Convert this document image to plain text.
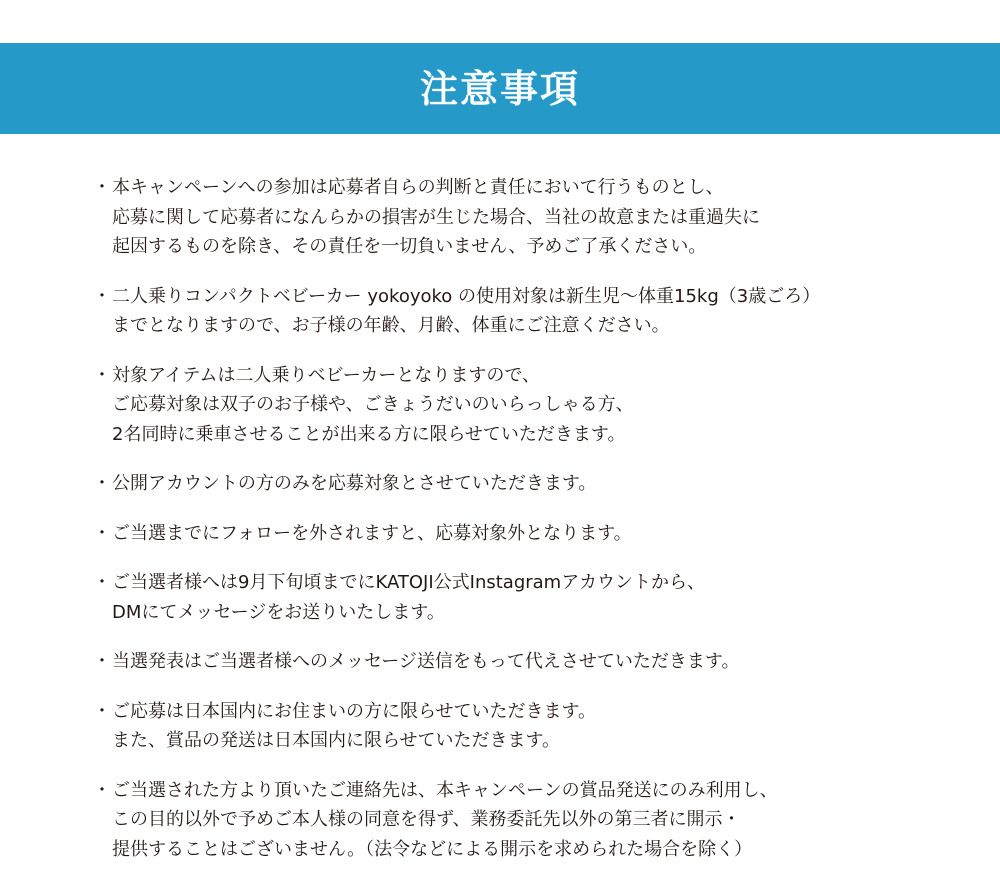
注意事項
・ 本キャンペーンへの参加は応募者自らの判断と責任において行うものとし、
応募に関して応募者になんらかの損害が生じた場合、当社の故意または重過失に
起因するものを除き、その責任を一切負いません、予めご了承ください。
・ 二人乗りコンパクトベビーカー yokoyoko の使用対象は新生児〜体重15kg（3歳ごろ）
までとなりますので、お子様の年齢、月齢、体重にご注意ください。
・ 対象アイテムは二人乗りベビーカーとなりますので、
ご応募対象は双子のお子様や、ごきょうだいのいらっしゃる方、
2名同時に乗車させることが出来る方に限らせていただきます。
・ 公開アカウントの方のみを応募対象とさせていただきます。
・ ご当選までにフォローを外されますと、応募対象外となります。
・ ご当選者様へは9月下旬頃までにKATOJI公式Instagramアカウントから、
DMにてメッセージをお送りいたします。
・ 当選発表はご当選者様へのメッセージ送信をもって代えさせていただきます。
・ ご応募は日本国内にお住まいの方に限らせていただきます。
また、賞品の発送は日本国内に限らせていただきます。
・ ご当選された方より頂いたご連絡先は、本キャンペーンの賞品発送にのみ利用し、
この目的以外で予めご本人様の同意を得ず、業務委託先以外の第三者に開示・
提供することはございません。（法令などによる開示を求められた場合を除く）
